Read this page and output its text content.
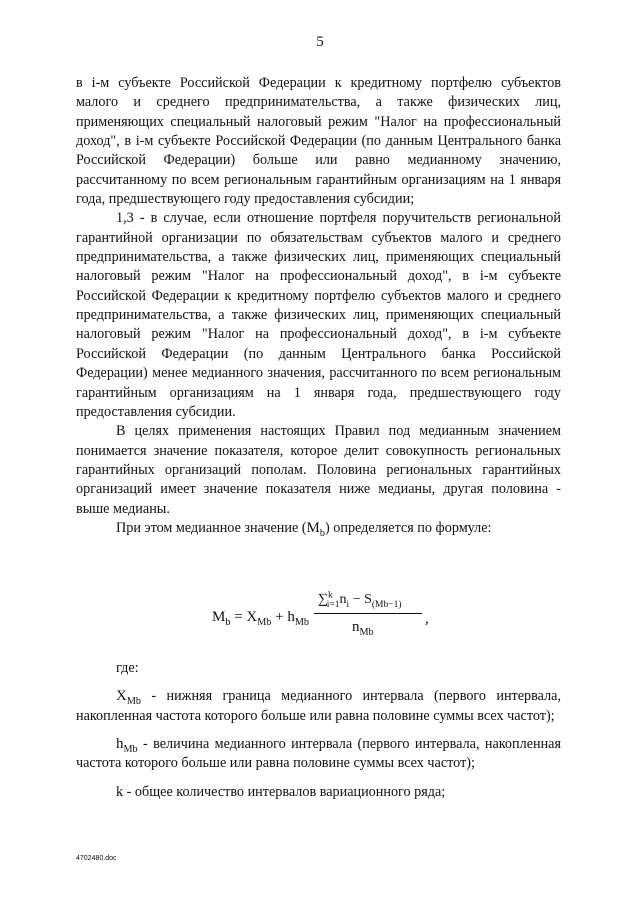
5

в i-м субъекте Российской Федерации к кредитному портфелю субъектов малого и среднего предпринимательства, а также физических лиц, применяющих специальный налоговый режим "Налог на профессиональный доход", в i-м субъекте Российской Федерации (по данным Центрального банка Российской Федерации) больше или равно медианному значению, рассчитанному по всем региональным гарантийным организациям на 1 января года, предшествующего году предоставления субсидии;

1,3 - в случае, если отношение портфеля поручительств региональной гарантийной организации по обязательствам субъектов малого и среднего предпринимательства, а также физических лиц, применяющих специальный налоговый режим "Налог на профессиональный доход", в i-м субъекте Российской Федерации к кредитному портфелю субъектов малого и среднего предпринимательства, а также физических лиц, применяющих специальный налоговый режим "Налог на профессиональный доход", в i-м субъекте Российской Федерации (по данным Центрального банка Российской Федерации) менее медианного значения, рассчитанного по всем региональным гарантийным организациям на 1 января года, предшествующего году предоставления субсидии.

В целях применения настоящих Правил под медианным значением понимается значение показателя, которое делит совокупность региональных гарантийных организаций пополам. Половина региональных гарантийных организаций имеет значение показателя ниже медианы, другая половина - выше медианы.

При этом медианное значение $(M_b)$ определяется по формуле:

$M_b = X_{Mb} + h_{Mb}$
$\sum^k_{i=1}n_i - S_{(Mb-1)}$
$n_{Mb}$
,

где:

$X_{Mb}$ - нижняя граница медианного интервала (первого интервала, накопленная частота которого больше или равна половине суммы всех частот);

$h_{Mb}$ - величина медианного интервала (первого интервала, накопленная частота которого больше или равна половине суммы всех частот);

k - общее количество интервалов вариационного ряда;

4702480.doc
